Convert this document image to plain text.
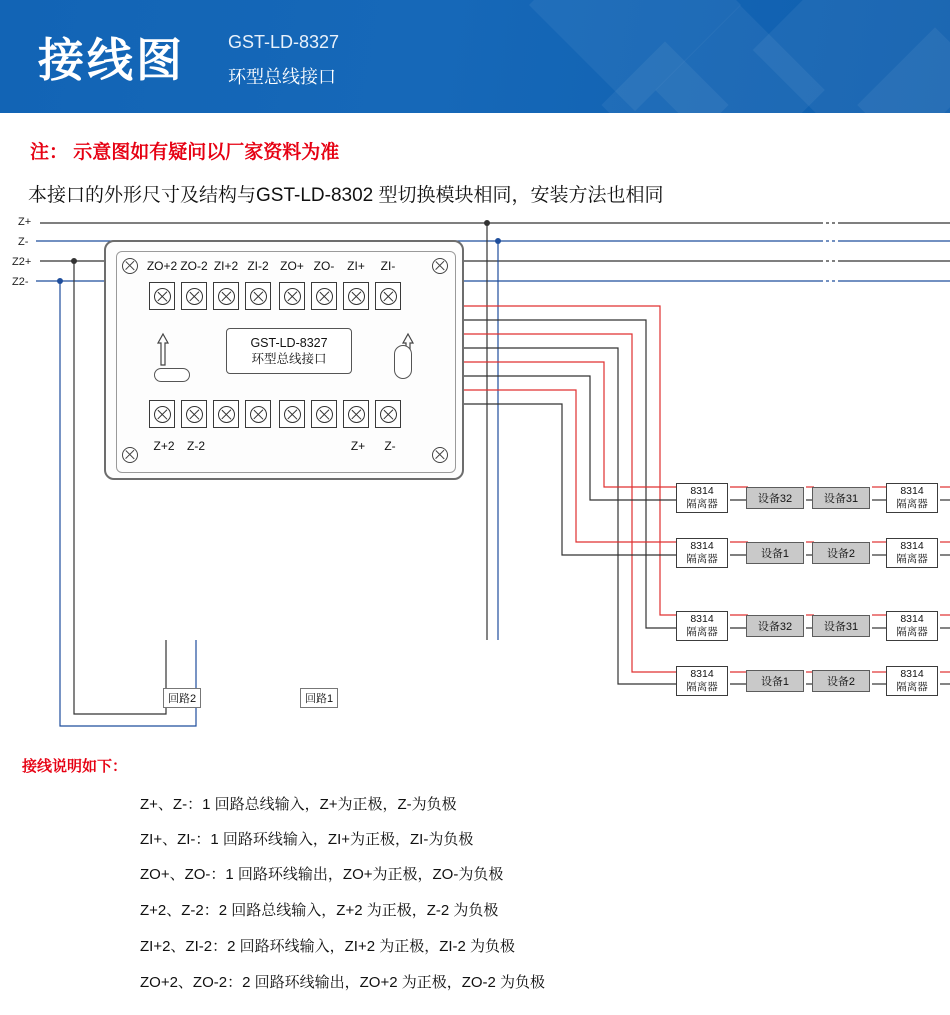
接线图 GST-LD-8327
环型总线接口
注： 示意图如有疑问以厂家资料为准
本接口的外形尺寸及结构与GST-LD-8302 型切换模块相同，安装方法也相同
Z+
Z-
Z2+
Z2-
ZO+2 ZO-2 ZI+2 ZI-2 ZO+ ZO-	ZI+	ZI-
GST-LD-8327
环型总线接口
Z+2	Z-2	Z+	Z-
回路2	回路1
8314
隔离器	设备32	设备31
8314
隔离器
8314
隔离器	设备1	设备2
8314
隔离器
8314
隔离器	设备32	设备31
8314
隔离器
8314
隔离器	设备1	设备2
8314
隔离器
接线说明如下：
Z+、Z-：1 回路总线输入，Z+为正极，Z-为负极
ZI+、ZI-：1 回路环线输入，ZI+为正极，ZI-为负极
ZO+、ZO-：1 回路环线输出，ZO+为正极，ZO-为负极
Z+2、Z-2：2 回路总线输入，Z+2 为正极，Z-2 为负极
ZI+2、ZI-2：2 回路环线输入，ZI+2 为正极，ZI-2 为负极
ZO+2、ZO-2：2 回路环线输出，ZO+2 为正极，ZO-2 为负极
